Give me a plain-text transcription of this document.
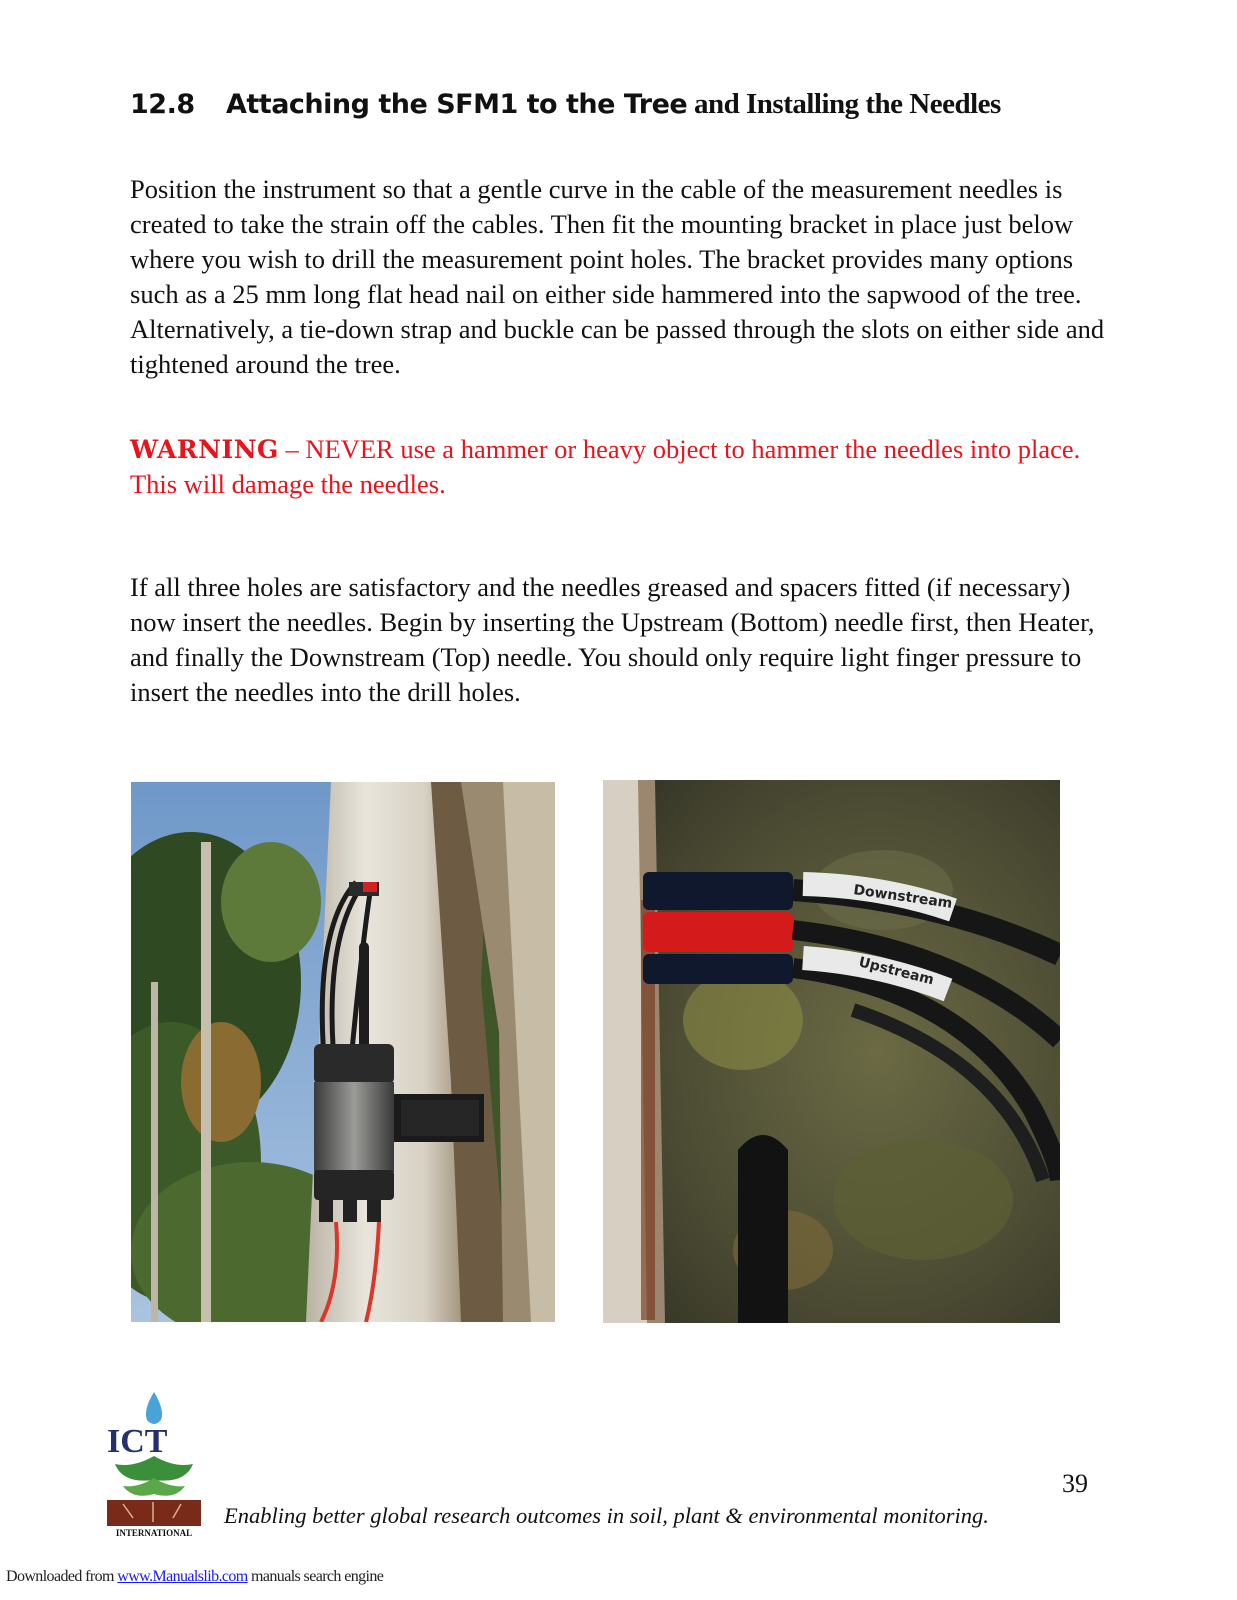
12.8 Attaching the SFM1 to the Tree and Installing the Needles

Position the instrument so that a gentle curve in the cable of the measurement needles is created to take the strain off the cables. Then fit the mounting bracket in place just below where you wish to drill the measurement point holes. The bracket provides many options such as a 25 mm long flat head nail on either side hammered into the sapwood of the tree. Alternatively, a tie-down strap and buckle can be passed through the slots on either side and tightened around the tree.

WARNING – NEVER use a hammer or heavy object to hammer the needles into place. This will damage the needles.

If all three holes are satisfactory and the needles greased and spacers fitted (if necessary) now insert the needles. Begin by inserting the Upstream (Bottom) needle first, then Heater, and finally the Downstream (Top) needle. You should only require light finger pressure to insert the needles into the drill holes.

Downstream
Upstream
ICT
INTERNATIONAL
39
Enabling better global research outcomes in soil, plant & environmental monitoring.
Downloaded from www.Manualslib.com manuals search engine
